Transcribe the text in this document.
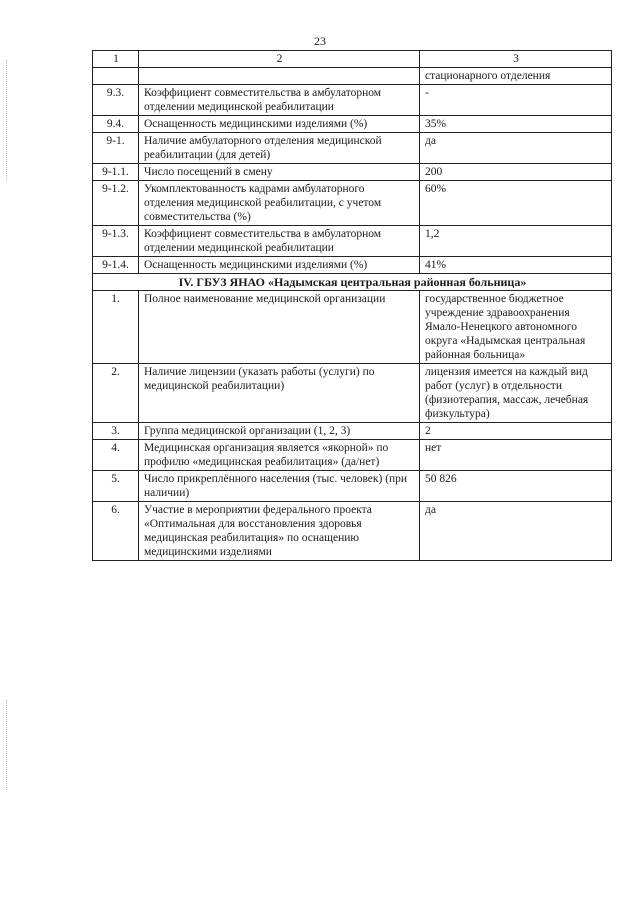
23
1	2	3
		стационарного отделения
9.3.	Коэффициент совместительства в амбулаторном отделении медицинской реабилитации	-
9.4.	Оснащенность медицинскими изделиями (%)	35%
9-1.	Наличие амбулаторного отделения медицинской реабилитации (для детей)	да
9-1.1.	Число посещений в смену	200
9-1.2.	Укомплектованность кадрами амбулаторного отделения медицинской реабилитации, с учетом совместительства (%)	60%
9-1.3.	Коэффициент совместительства в амбулаторном отделении медицинской реабилитации	1,2
9-1.4.	Оснащенность медицинскими изделиями (%)	41%
IV. ГБУЗ ЯНАО «Надымская центральная районная больница»		
1.	Полное наименование медицинской организации	государственное бюджетное учреждение здравоохранения Ямало-Ненецкого автономного округа «Надымская центральная районная больница»
2.	Наличие лицензии (указать работы (услуги) по медицинской реабилитации)	лицензия имеется на каждый вид работ (услуг) в отдельности (физиотерапия, массаж, лечебная физкультура)
3.	Группа медицинской организации (1, 2, 3)	2
4.	Медицинская организация является «якорной» по профилю «медицинская реабилитация» (да/нет)	нет
5.	Число прикреплённого населения (тыс. человек) (при наличии)	50 826
6.	Участие в мероприятии федерального проекта «Оптимальная для восстановления здоровья медицинская реабилитация» по оснащению медицинскими изделиями	да
